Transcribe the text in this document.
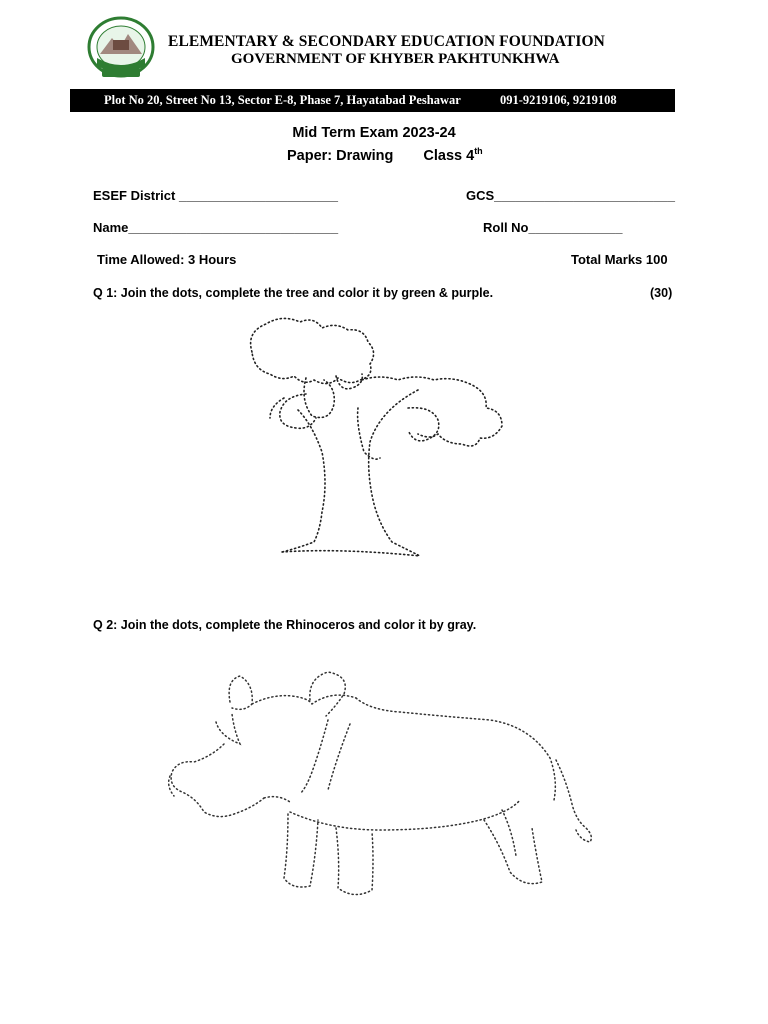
ELEMENTARY & SECONDARY EDUCATION FOUNDATION
GOVERNMENT OF KHYBER PAKHTUNKHWA
Plot No 20, Street No 13, Sector E-8, Phase 7, Hayatabad Peshawar	091-9219106, 9219108
Mid Term Exam 2023-24
Paper: Drawing Class 4th
ESEF District ______________________	GCS_________________________
Name_____________________________	Roll No_____________
Time Allowed: 3 Hours	Total Marks 100
Q 1: Join the dots, complete the tree and color it by green & purple.	(30)
Q 2: Join the dots, complete the Rhinoceros and color it by gray.
